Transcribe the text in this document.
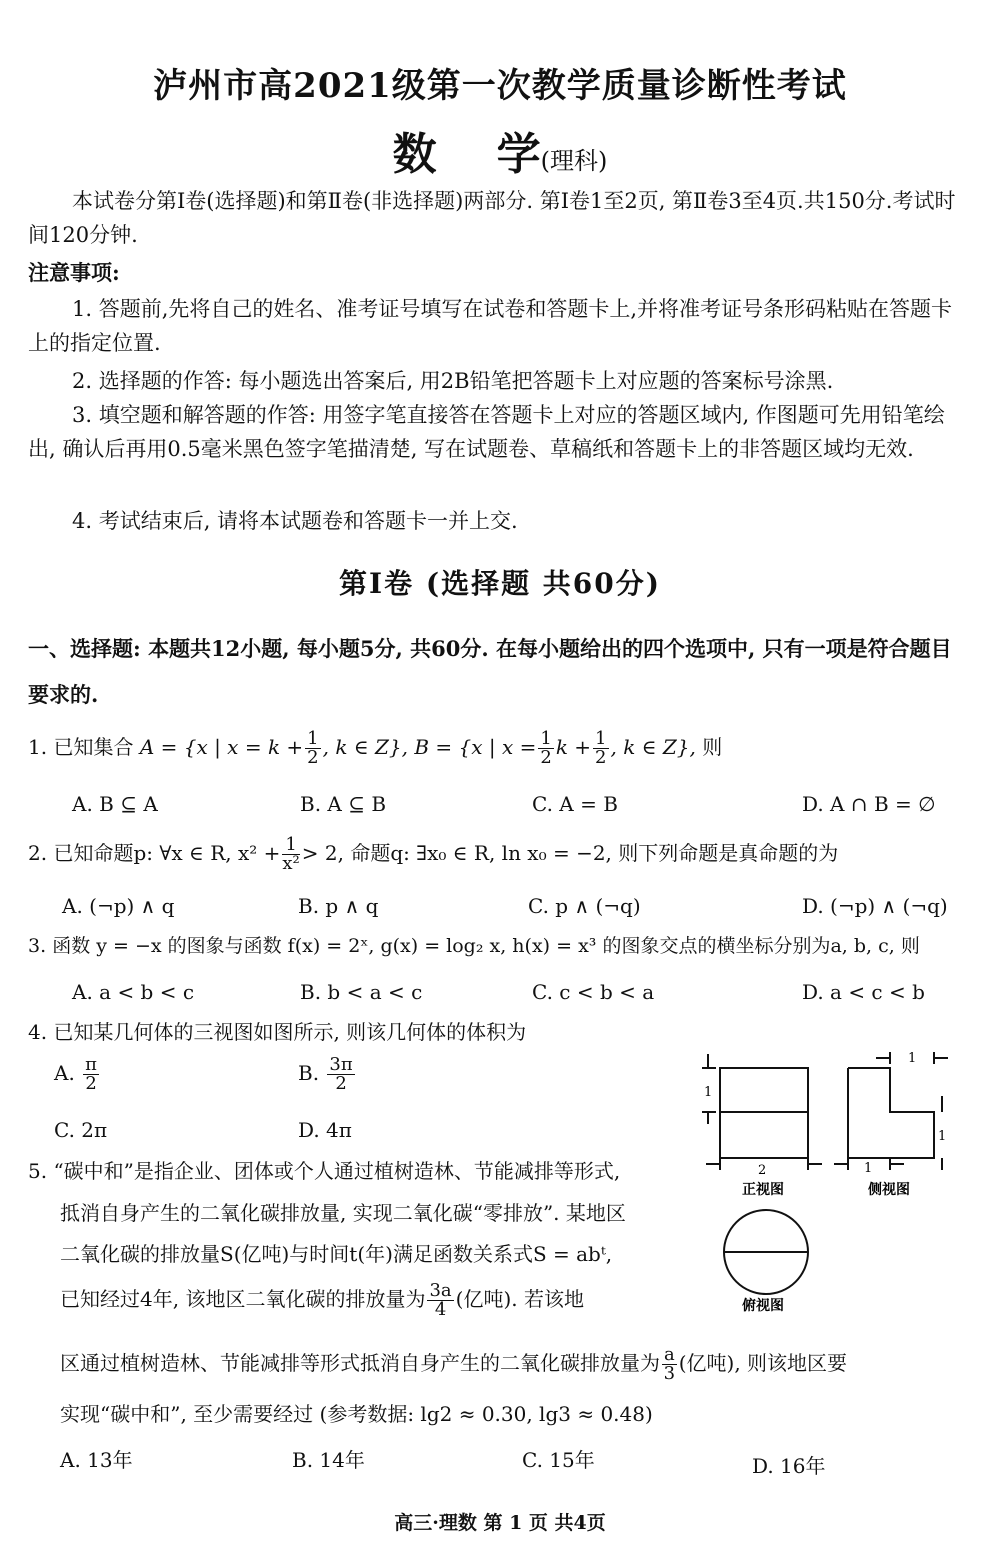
泸州市高2021级第一次教学质量诊断性考试
数 学(理科)
本试卷分第Ⅰ卷(选择题)和第Ⅱ卷(非选择题)两部分. 第Ⅰ卷1至2页, 第Ⅱ卷3至4页.共150分.考试时间120分钟.
注意事项:
1. 答题前,先将自己的姓名、准考证号填写在试卷和答题卡上,并将准考证号条形码粘贴在答题卡上的指定位置.
2. 选择题的作答: 每小题选出答案后, 用2B铅笔把答题卡上对应题的答案标号涂黑.
3. 填空题和解答题的作答: 用签字笔直接答在答题卡上对应的答题区域内, 作图题可先用铅笔绘出, 确认后再用0.5毫米黑色签字笔描清楚, 写在试题卷、草稿纸和答题卡上的非答题区域均无效.
4. 考试结束后, 请将本试题卷和答题卡一并上交.
第Ⅰ卷 (选择题 共60分)
一、选择题: 本题共12小题, 每小题5分, 共60分. 在每小题给出的四个选项中, 只有一项是符合题目要求的.
1. 已知集合 A = {x | $x = k + \frac{1}{2}$ , k ∈ Z}, B = {x | $x = \frac{1}{2}$ $k + \frac{1}{2}$ , k ∈ Z}, 则
A. B ⊆ A	B. A ⊆ B	C. A = B	D. A ∩ B = ∅
2. 已知命题p: ∀x ∈ R, $x^2 + \frac{1}{\text{x²}} > 2$, 命题q: ∃x₀ ∈ R, ln x₀ = −2, 则下列命题是真命题的为
A. (¬p) ∧ q	B. p ∧ q	C. p ∧ (¬q)	D. (¬p) ∧ (¬q)
3. 函数 y = −x 的图象与函数 f(x) = 2ˣ, g(x) = log₂ x, h(x) = x³ 的图象交点的横坐标分别为a, b, c, 则
A. a < b < c	B. b < a < c	C. c < b < a	D. a < c < b
4. 已知某几何体的三视图如图所示, 则该几何体的体积为
A. $\frac{\pi}{2}$	B. $\frac{3\pi}{2}$
C. 2π	D. 4π
5. “碳中和”是指企业、团体或个人通过植树造林、节能减排等形式,
抵消自身产生的二氧化碳排放量, 实现二氧化碳“零排放”. 某地区
二氧化碳的排放量S(亿吨)与时间t(年)满足函数关系式S = abᵗ,
已知经过4年, 该地区二氧化碳的排放量为 $\frac{3a}{4}$ (亿吨). 若该地
区通过植树造林、节能减排等形式抵消自身产生的二氧化碳排放量为 $\frac{a}{3}$ (亿吨), 则该地区要
实现“碳中和”, 至少需要经过 (参考数据: lg2 ≈ 0.30, lg3 ≈ 0.48)
A. 13年	B. 14年	C. 15年	D. 16年
1
2
正视图
1
1
1
侧视图
俯视图
高三·理数 第 1 页 共4页
